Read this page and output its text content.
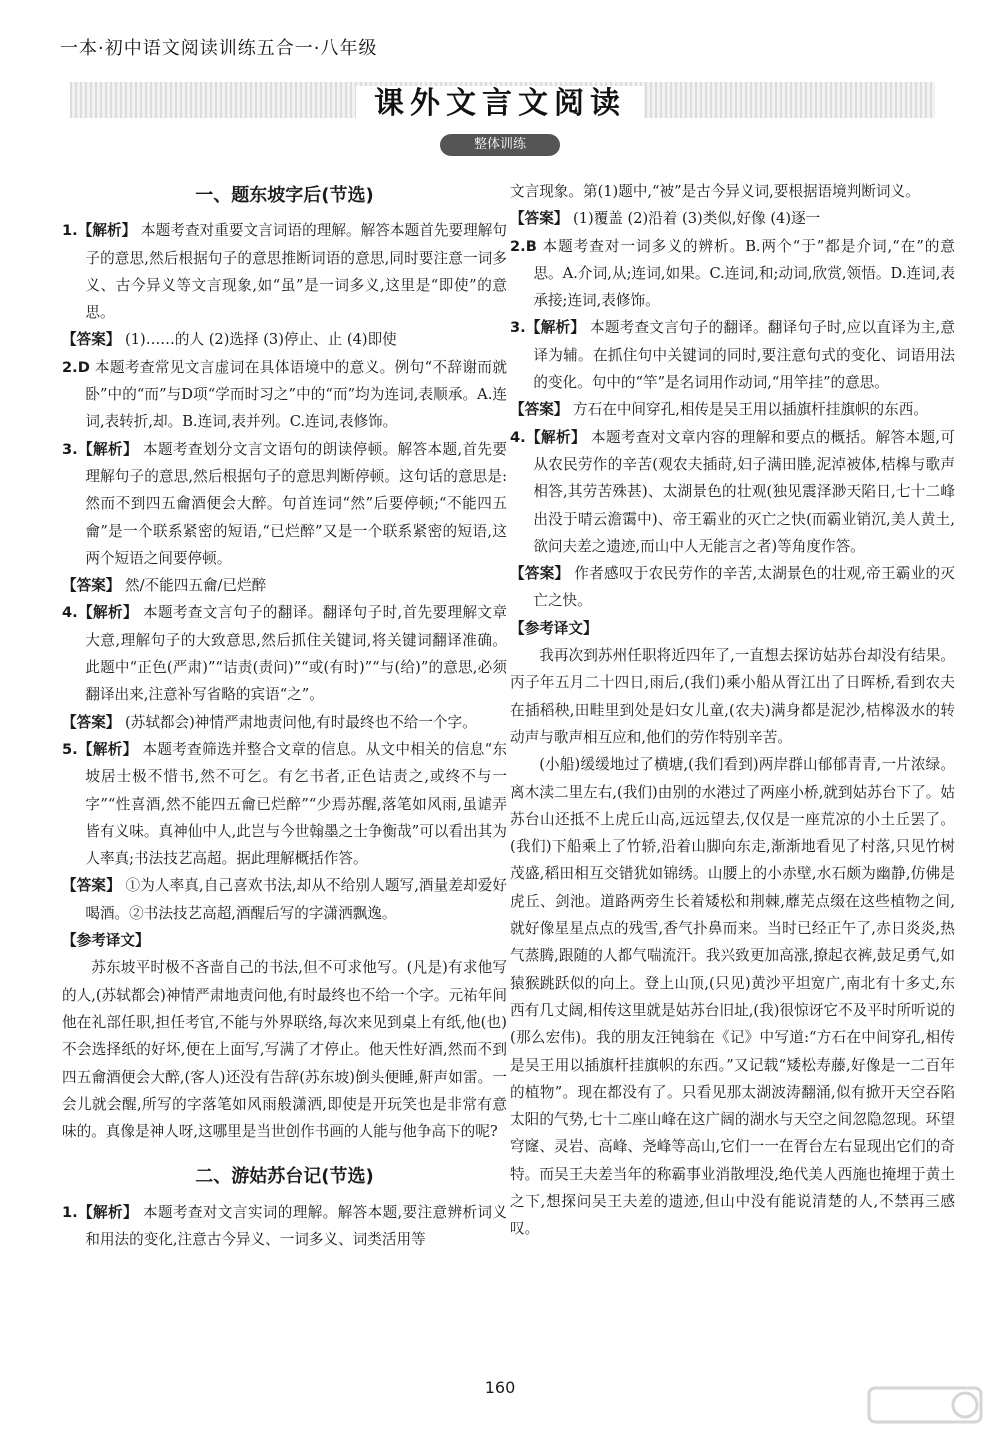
一本·初中语文阅读训练五合一·八年级
课外文言文阅读
整体训练
一、题东坡字后(节选)

1.【解析】 本题考查对重要文言词语的理解。解答本题首先要理解句子的意思,然后根据句子的意思推断词语的意思,同时要注意一词多义、古今异义等文言现象,如“虽”是一词多义,这里是“即使”的意思。

【答案】 (1)……的人 (2)选择 (3)停止、止 (4)即使

2.D 本题考查常见文言虚词在具体语境中的意义。例句“不辞谢而就卧”中的“而”与D项“学而时习之”中的“而”均为连词,表顺承。A.连词,表转折,却。B.连词,表并列。C.连词,表修饰。

3.【解析】 本题考查划分文言文语句的朗读停顿。解答本题,首先要理解句子的意思,然后根据句子的意思判断停顿。这句话的意思是:然而不到四五龠酒便会大醉。句首连词“然”后要停顿;“不能四五龠”是一个联系紧密的短语,“已烂醉”又是一个联系紧密的短语,这两个短语之间要停顿。

【答案】 然/不能四五龠/已烂醉

4.【解析】 本题考查文言句子的翻译。翻译句子时,首先要理解文章大意,理解句子的大致意思,然后抓住关键词,将关键词翻译准确。此题中“正色(严肃)”“诘责(责问)”“或(有时)”“与(给)”的意思,必须翻译出来,注意补写省略的宾语“之”。

【答案】 (苏轼都会)神情严肃地责问他,有时最终也不给一个字。

5.【解析】 本题考查筛选并整合文章的信息。从文中相关的信息“东坡居士极不惜书,然不可乞。有乞书者,正色诘责之,或终不与一字”“性喜酒,然不能四五龠已烂醉”“少焉苏醒,落笔如风雨,虽谑弄皆有义味。真神仙中人,此岂与今世翰墨之士争衡哉”可以看出其为人率真;书法技艺高超。据此理解概括作答。

【答案】 ①为人率真,自己喜欢书法,却从不给别人题写,酒量差却爱好喝酒。②书法技艺高超,酒醒后写的字潇洒飘逸。

【参考译文】

苏东坡平时极不吝啬自己的书法,但不可求他写。(凡是)有求他写的人,(苏轼都会)神情严肃地责问他,有时最终也不给一个字。元祐年间他在礼部任职,担任考官,不能与外界联络,每次来见到桌上有纸,他(也)不会选择纸的好坏,便在上面写,写满了才停止。他天性好酒,然而不到四五龠酒便会大醉,(客人)还没有告辞(苏东坡)倒头便睡,鼾声如雷。一会儿就会醒,所写的字落笔如风雨般潇洒,即使是开玩笑也是非常有意味的。真像是神人呀,这哪里是当世创作书画的人能与他争高下的呢?

二、游姑苏台记(节选)

1.【解析】 本题考查对文言实词的理解。解答本题,要注意辨析词义和用法的变化,注意古今异义、一词多义、词类活用等

文言现象。第(1)题中,“被”是古今异义词,要根据语境判断词义。

【答案】 (1)覆盖 (2)沿着 (3)类似,好像 (4)逐一

2.B 本题考查对一词多义的辨析。B.两个“于”都是介词,“在”的意思。A.介词,从;连词,如果。C.连词,和;动词,欣赏,领悟。D.连词,表承接;连词,表修饰。

3.【解析】 本题考查文言句子的翻译。翻译句子时,应以直译为主,意译为辅。在抓住句中关键词的同时,要注意句式的变化、词语用法的变化。句中的“竿”是名词用作动词,“用竿挂”的意思。

【答案】 方石在中间穿孔,相传是吴王用以插旗杆挂旗帜的东西。

4.【解析】 本题考查对文章内容的理解和要点的概括。解答本题,可从农民劳作的辛苦(观农夫插莳,妇子满田塍,泥淖被体,桔槔与歌声相答,其劳苦殊甚)、太湖景色的壮观(独见震泽渺天陷日,七十二峰出没于晴云澹霭中)、帝王霸业的灭亡之快(而霸业销沉,美人黄土,欲问夫差之遗迹,而山中人无能言之者)等角度作答。

【答案】 作者感叹于农民劳作的辛苦,太湖景色的壮观,帝王霸业的灭亡之快。

【参考译文】

我再次到苏州任职将近四年了,一直想去探访姑苏台却没有结果。丙子年五月二十四日,雨后,(我们)乘小船从胥江出了日晖桥,看到农夫在插稻秧,田畦里到处是妇女儿童,(农夫)满身都是泥沙,桔槔汲水的转动声与歌声相互应和,他们的劳作特别辛苦。

(小船)缓缓地过了横塘,(我们看到)两岸群山郁郁青青,一片浓绿。离木渎二里左右,(我们)由别的水港过了两座小桥,就到姑苏台下了。姑苏台山还抵不上虎丘山高,远远望去,仅仅是一座荒凉的小土丘罢了。(我们)下船乘上了竹轿,沿着山脚向东走,渐渐地看见了村落,只见竹树茂盛,稻田相互交错犹如锦绣。山腰上的小赤壁,水石颇为幽静,仿佛是虎丘、剑池。道路两旁生长着矮松和荆棘,蘼芜点缀在这些植物之间,就好像星星点点的残雪,香气扑鼻而来。当时已经正午了,赤日炎炎,热气蒸腾,跟随的人都气喘流汗。我兴致更加高涨,撩起衣裤,鼓足勇气,如猿猴跳跃似的向上。登上山顶,(只见)黄沙平坦宽广,南北有十多丈,东西有几丈阔,相传这里就是姑苏台旧址,(我)很惊讶它不及平时所听说的(那么宏伟)。我的朋友汪钝翁在《记》中写道:“方石在中间穿孔,相传是吴王用以插旗杆挂旗帜的东西。”又记载“矮松寿藤,好像是一二百年的植物”。现在都没有了。只看见那太湖波涛翻涌,似有掀开天空吞陷太阳的气势,七十二座山峰在这广阔的湖水与天空之间忽隐忽现。环望穹窿、灵岩、高峰、尧峰等高山,它们一一在胥台左右显现出它们的奇特。而吴王夫差当年的称霸事业消散埋没,绝代美人西施也掩埋于黄土之下,想探问吴王夫差的遗迹,但山中没有能说清楚的人,不禁再三感叹。

160
